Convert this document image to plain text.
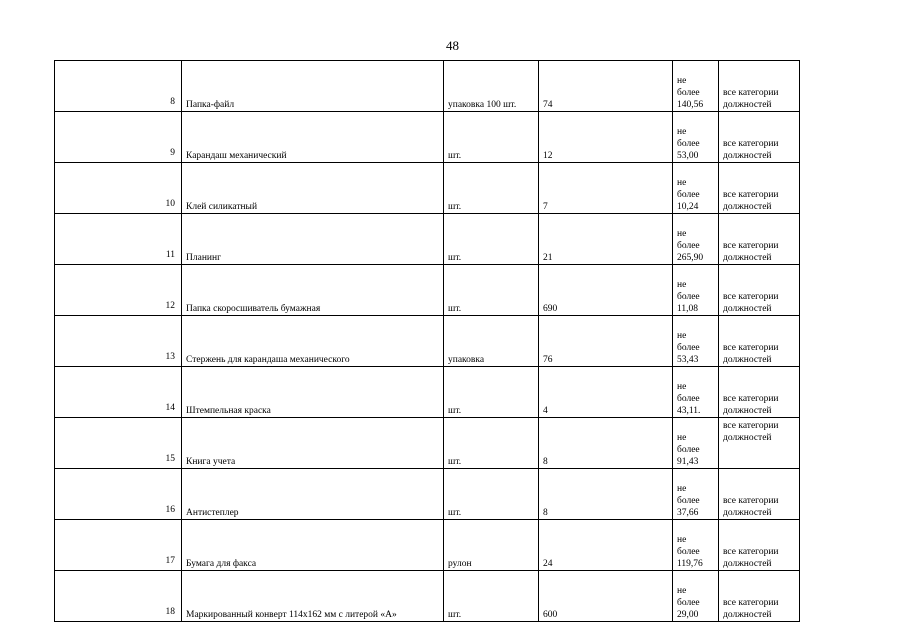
48
8	Папка-файл	упаковка 100 шт.	74	не
более
140,56	все категории
должностей

9	Карандаш механический	шт.	12	не
более
53,00	все категории
должностей

10	Клей силикатный	шт.	7	не
более
10,24	все категории
должностей

11	Планинг	шт.	21	не
более
265,90	все категории
должностей

12	Папка скоросшиватель бумажная	шт.	690	не
более
11,08	все категории
должностей

13	Стержень для карандаша механического	упаковка	76	не
более
53,43	все категории
должностей

14	Штемпельная краска	шт.	4	не
более
43,11.	все категории
должностей

15	Книга учета	шт.	8	не
более
91,43	все категории
должностей

16	Антистеплер	шт.	8	не
более
37,66	все категории
должностей

17	Бумага для факса	рулон	24	не
более
119,76	все категории
должностей

18	Маркированный конверт 114х162 мм с литерой «А»	шт.	600	не
более
29,00	все категории
должностей
